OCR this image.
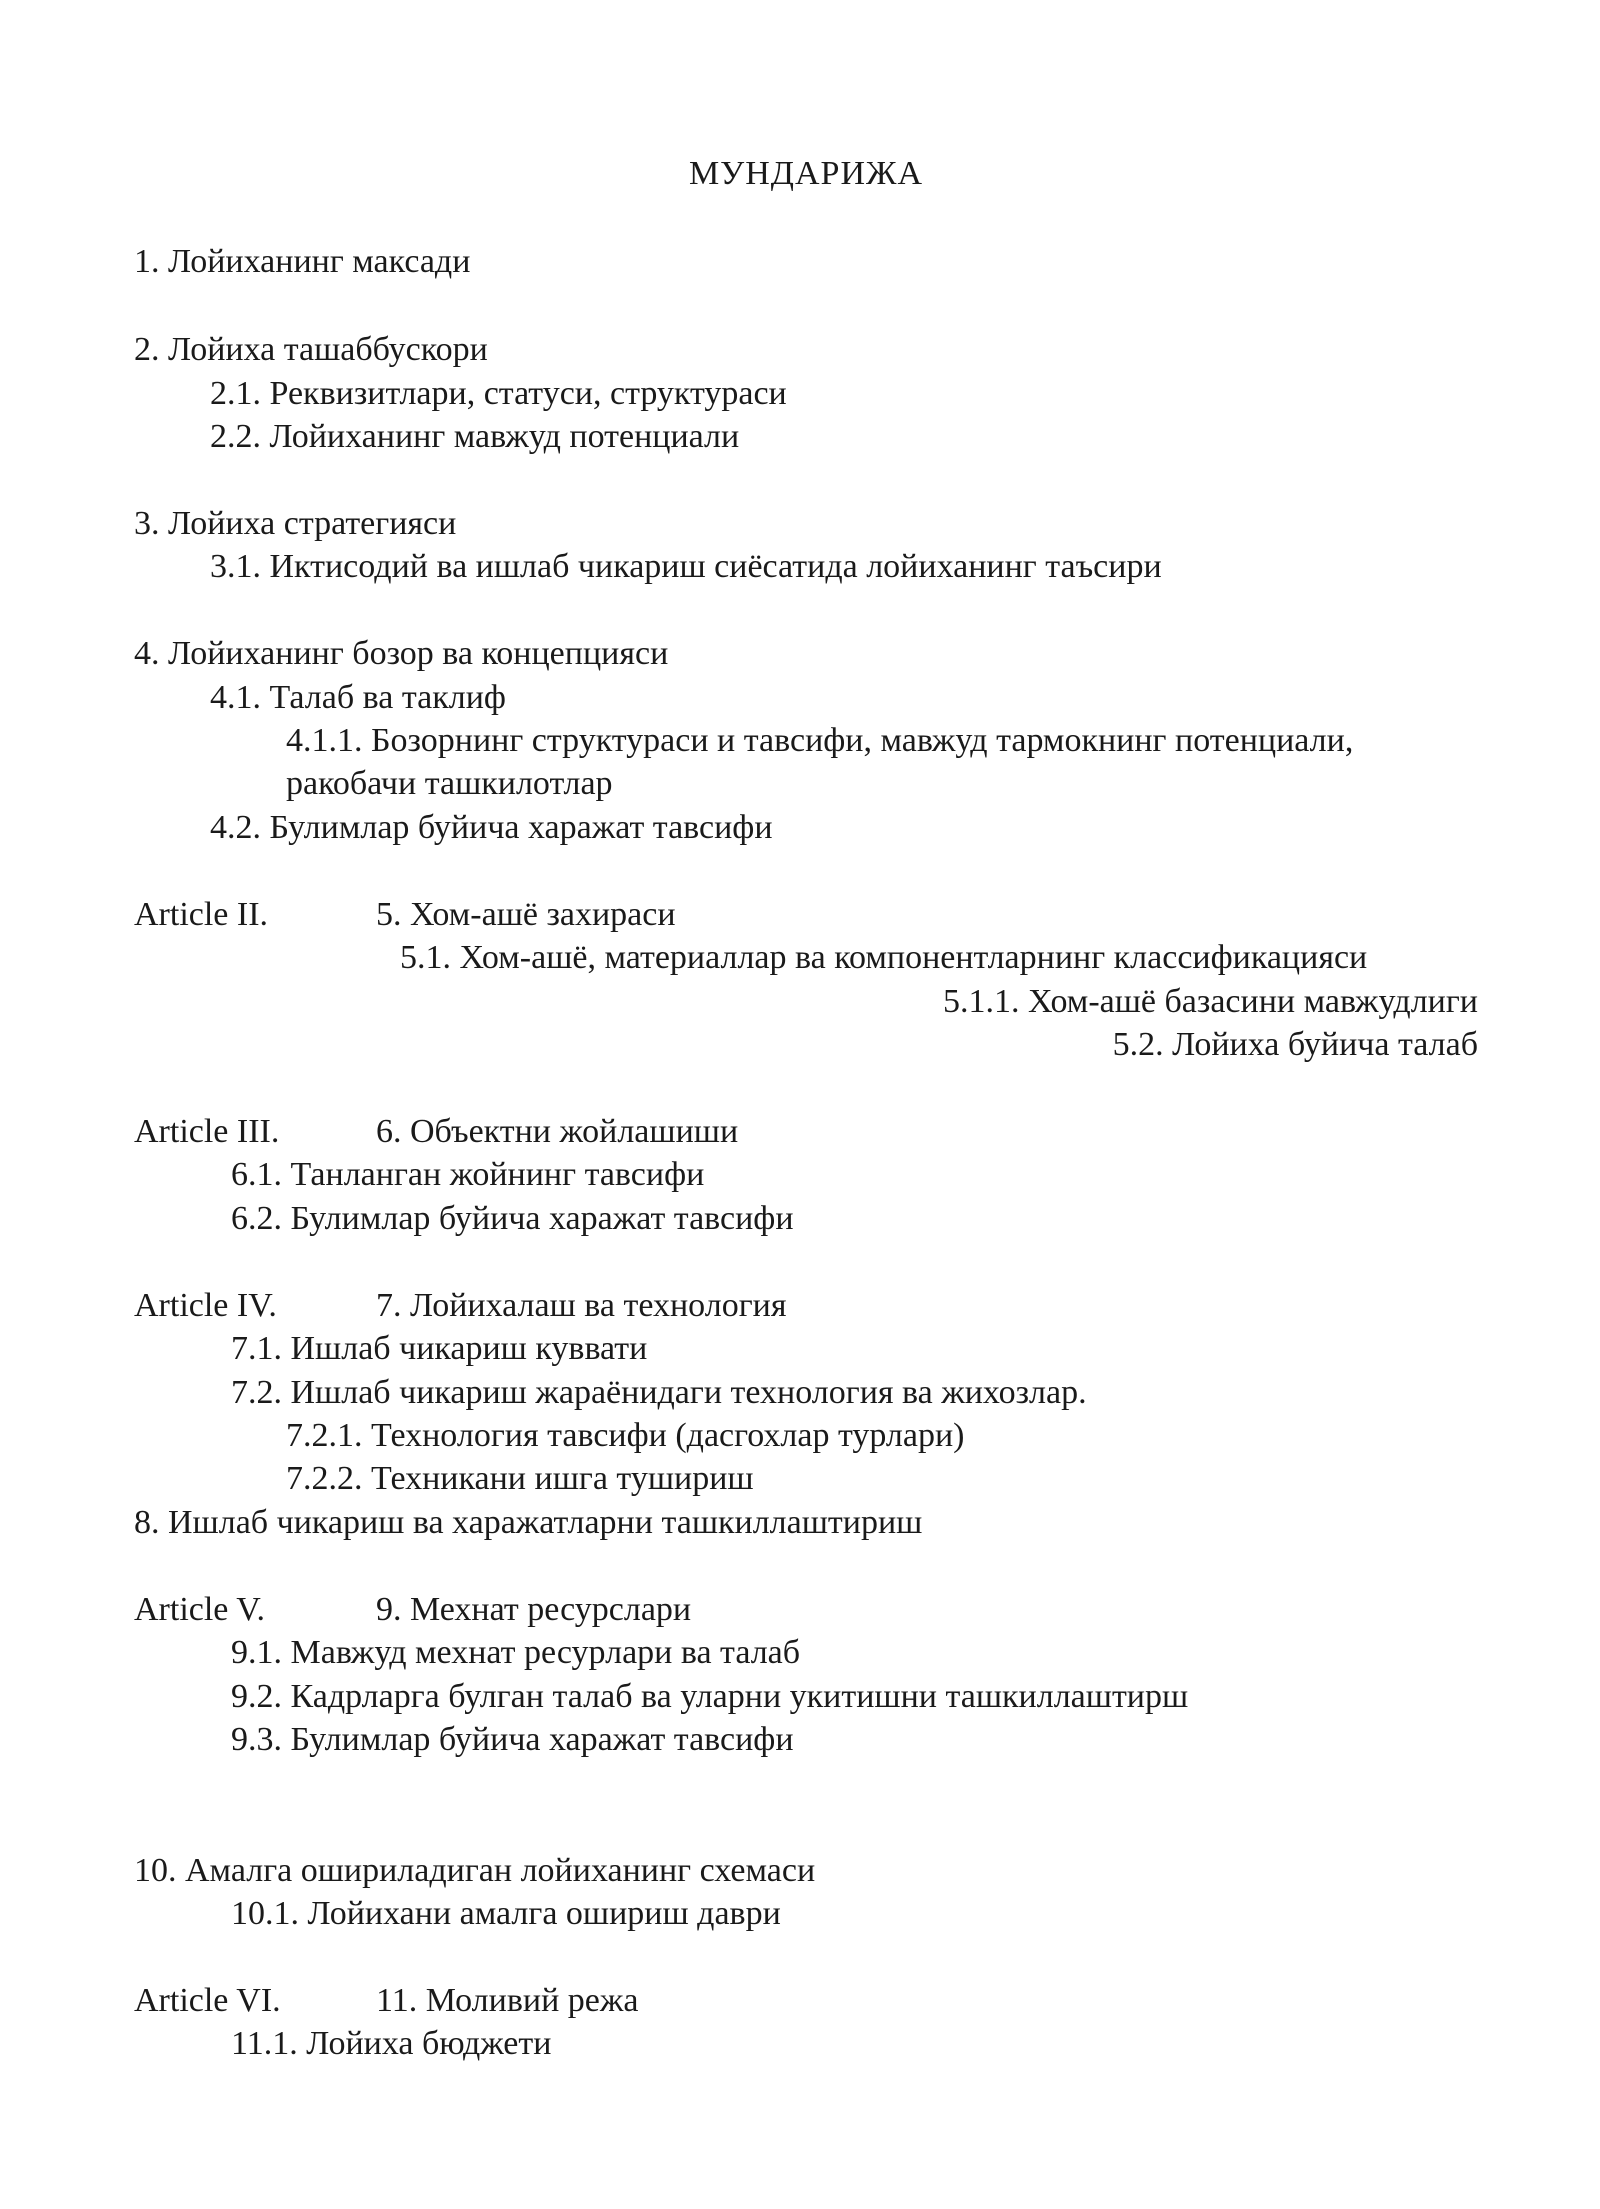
МУНДАРИЖА
1. Лойиханинг максади
2. Лойиха ташаббускори
2.1. Реквизитлари, статуси, структураси
2.2. Лойиханинг мавжуд потенциали
3. Лойиха стратегияси
3.1. Иктисодий ва ишлаб чикариш сиёсатида лойиханинг таъсири
4. Лойиханинг бозор ва концепцияси
4.1. Талаб ва таклиф
4.1.1. Бозорнинг структураси и тавсифи, мавжуд тармокнинг потенциали,
ракобачи ташкилотлар
4.2. Булимлар буйича харажат тавсифи
Article II.	5. Хом-ашё захираси
5.1. Хом-ашё, материаллар ва компонентларнинг классификацияси
5.1.1. Хом-ашё базасини мавжудлиги
5.2. Лойиха буйича талаб
Article III.	6. Объектни жойлашиши
6.1. Танланган жойнинг тавсифи
6.2. Булимлар буйича харажат тавсифи
Article IV.	7. Лойихалаш ва технология
7.1. Ишлаб чикариш куввати
7.2. Ишлаб чикариш жараёнидаги технология ва жихозлар.
7.2.1. Технология тавсифи (дасгохлар турлари)
7.2.2. Техникани ишга тушириш
8. Ишлаб чикариш ва харажатларни ташкиллаштириш
Article V.	9. Мехнат ресурслари
9.1. Мавжуд мехнат ресурлари ва талаб
9.2. Кадрларга булган талаб ва уларни укитишни ташкиллаштирш
9.3. Булимлар буйича харажат тавсифи
10. Амалга ошириладиган лойиханинг схемаси
10.1. Лойихани амалга ошириш даври
Article VI.	11. Моливий режа
11.1. Лойиха бюджети
